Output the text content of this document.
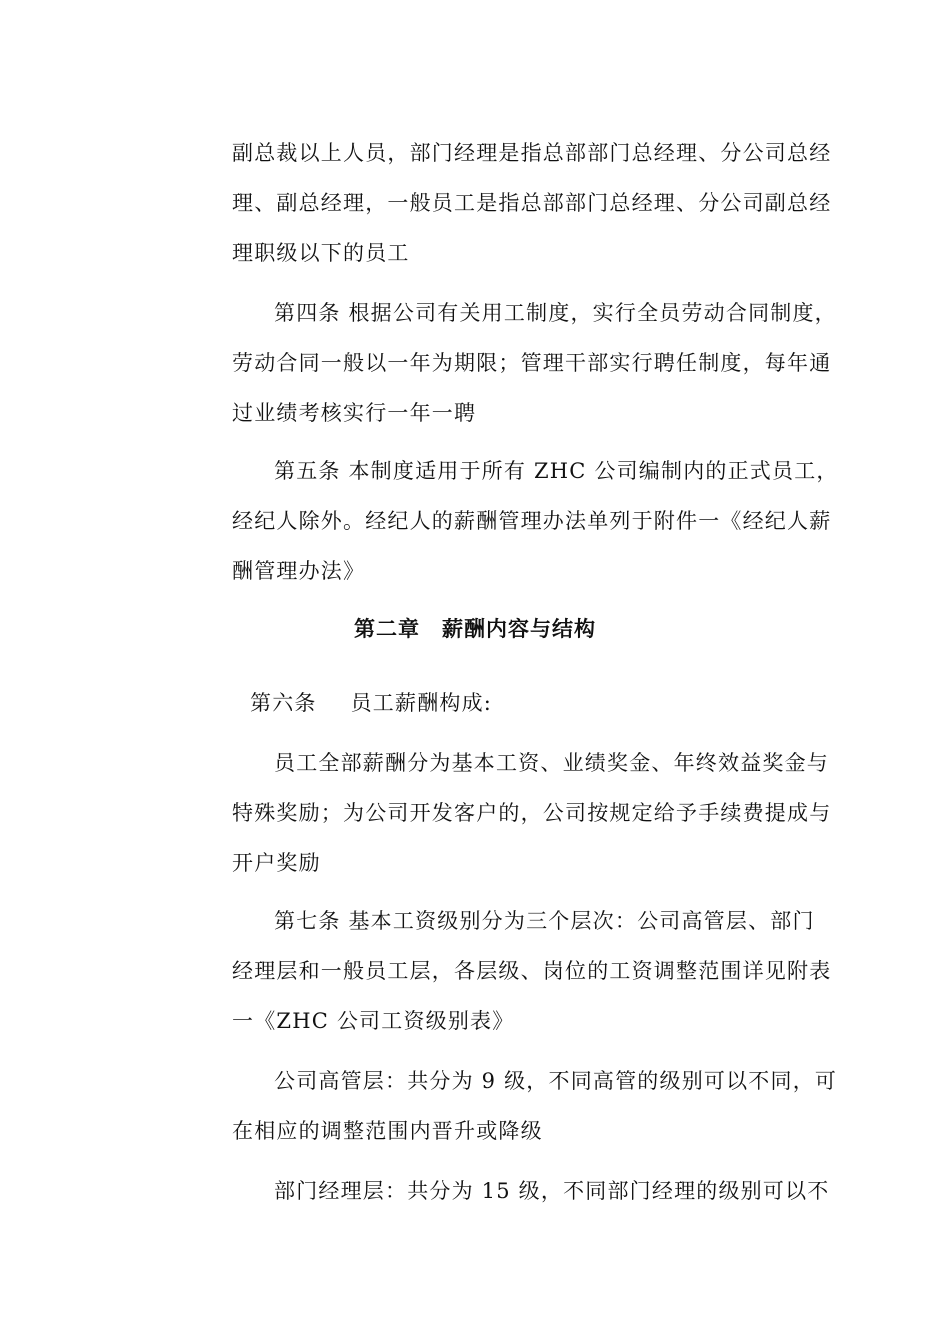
副总裁以上人员，部门经理是指总部部门总经理、分公司总经
理、副总经理，一般员工是指总部部门总经理、分公司副总经
理职级以下的员工
第四条 根据公司有关用工制度，实行全员劳动合同制度，
劳动合同一般以一年为期限；管理干部实行聘任制度，每年通
过业绩考核实行一年一聘
第五条 本制度适用于所有 ZHC 公司编制内的正式员工，
经纪人除外。经纪人的薪酬管理办法单列于附件一《经纪人薪
酬管理办法》
第二章　薪酬内容与结构
第六条 员工薪酬构成:
员工全部薪酬分为基本工资、业绩奖金、年终效益奖金与
特殊奖励；为公司开发客户的，公司按规定给予手续费提成与
开户奖励
第七条 基本工资级别分为三个层次：公司高管层、部门
经理层和一般员工层，各层级、岗位的工资调整范围详见附表
一《ZHC 公司工资级别表》
公司高管层：共分为 9 级，不同高管的级别可以不同，可
在相应的调整范围内晋升或降级
部门经理层：共分为 15 级，不同部门经理的级别可以不
